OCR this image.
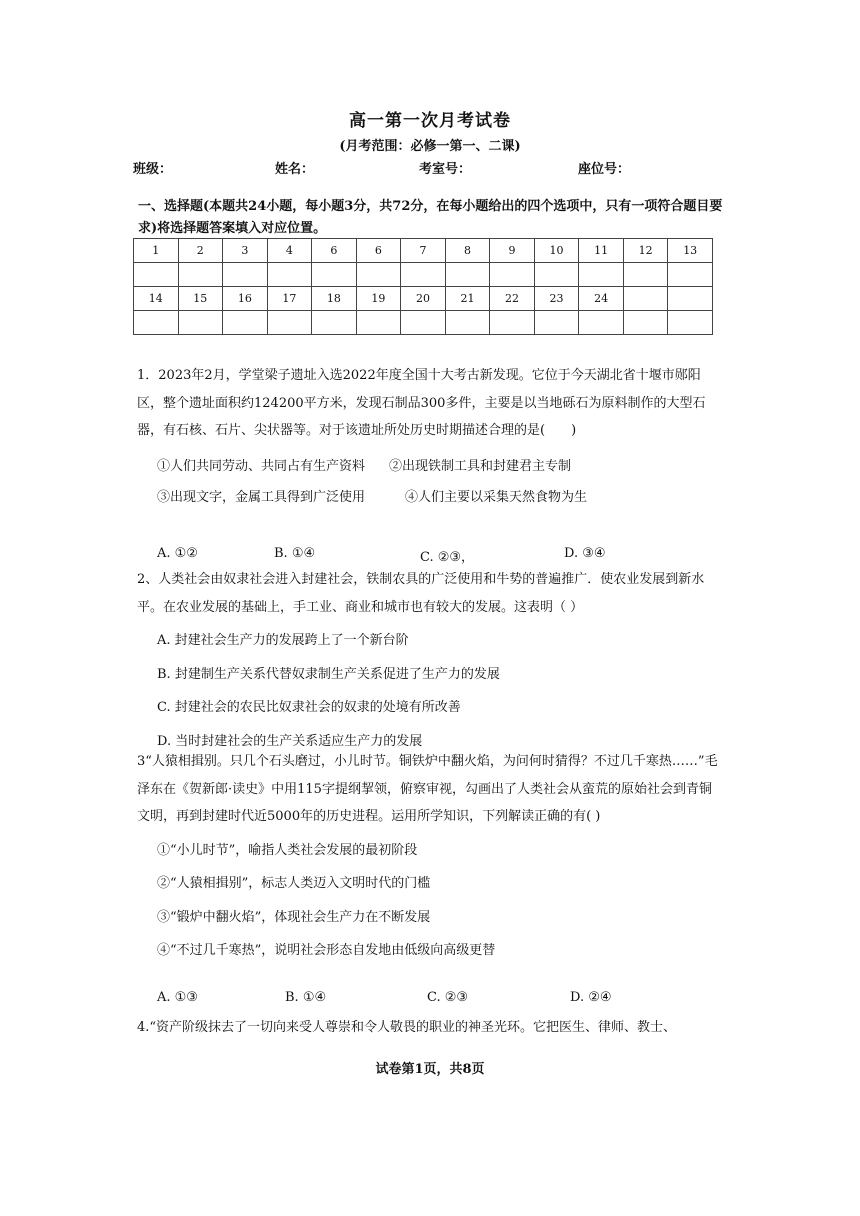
高一第一次月考试卷
(月考范围：必修一第一、二课)
班级：	姓名：	考室号：	座位号：
一、选择题(本题共24小题，每小题3分，共72分，在每小题给出的四个选项中，只有一项符合题目要求)将选择题答案填入对应位置。
1	2	3	4	6	6	7	8	9	10	11	12	13

14	15	16	17	18	19	20	21	22	23	24		

1．2023年2月，学堂梁子遗址入选2022年度全国十大考古新发现。它位于今天湖北省十堰市郧阳区，整个遗址面积约124200平方米，发现石制品300多件，主要是以当地砾石为原料制作的大型石器，有石核、石片、尖状器等。对于该遗址所处历史时期描述合理的是(　　)
①人们共同劳动、共同占有生产资料 ②出现铁制工具和封建君主专制
③出现文字，金属工具得到广泛使用	④人们主要以采集天然食物为生
A. ①②	B. ①④	C. ②③，	D. ③④
2、人类社会由奴隶社会进入封建社会，铁制农具的广泛使用和牛势的普遍推广．使农业发展到新水平。在农业发展的基础上，手工业、商业和城市也有较大的发展。这表明（ ）
A. 封建社会生产力的发展跨上了一个新台阶
B. 封建制生产关系代替奴隶制生产关系促进了生产力的发展
C. 封建社会的农民比奴隶社会的奴隶的处境有所改善
D. 当时封建社会的生产关系适应生产力的发展
3“人猿相揖别。只几个石头磨过，小儿时节。铜铁炉中翻火焰，为问何时猜得？不过几千寒热……”毛泽东在《贺新郎·读史》中用115字提纲挈领，俯察审视，勾画出了人类社会从蛮荒的原始社会到青铜文明，再到封建时代近5000年的历史进程。运用所学知识，下列解读正确的有( )
①“小儿时节”，喻指人类社会发展的最初阶段
②“人猿相揖别”，标志人类迈入文明时代的门槛
③“锻炉中翻火焰”，体现社会生产力在不断发展
④“不过几千寒热”，说明社会形态自发地由低级向高级更替
A. ①③	B. ①④	C. ②③	D. ②④
4.“资产阶级抹去了一切向来受人尊崇和令人敬畏的职业的神圣光环。它把医生、律师、教士、
试卷第1页，共8页
